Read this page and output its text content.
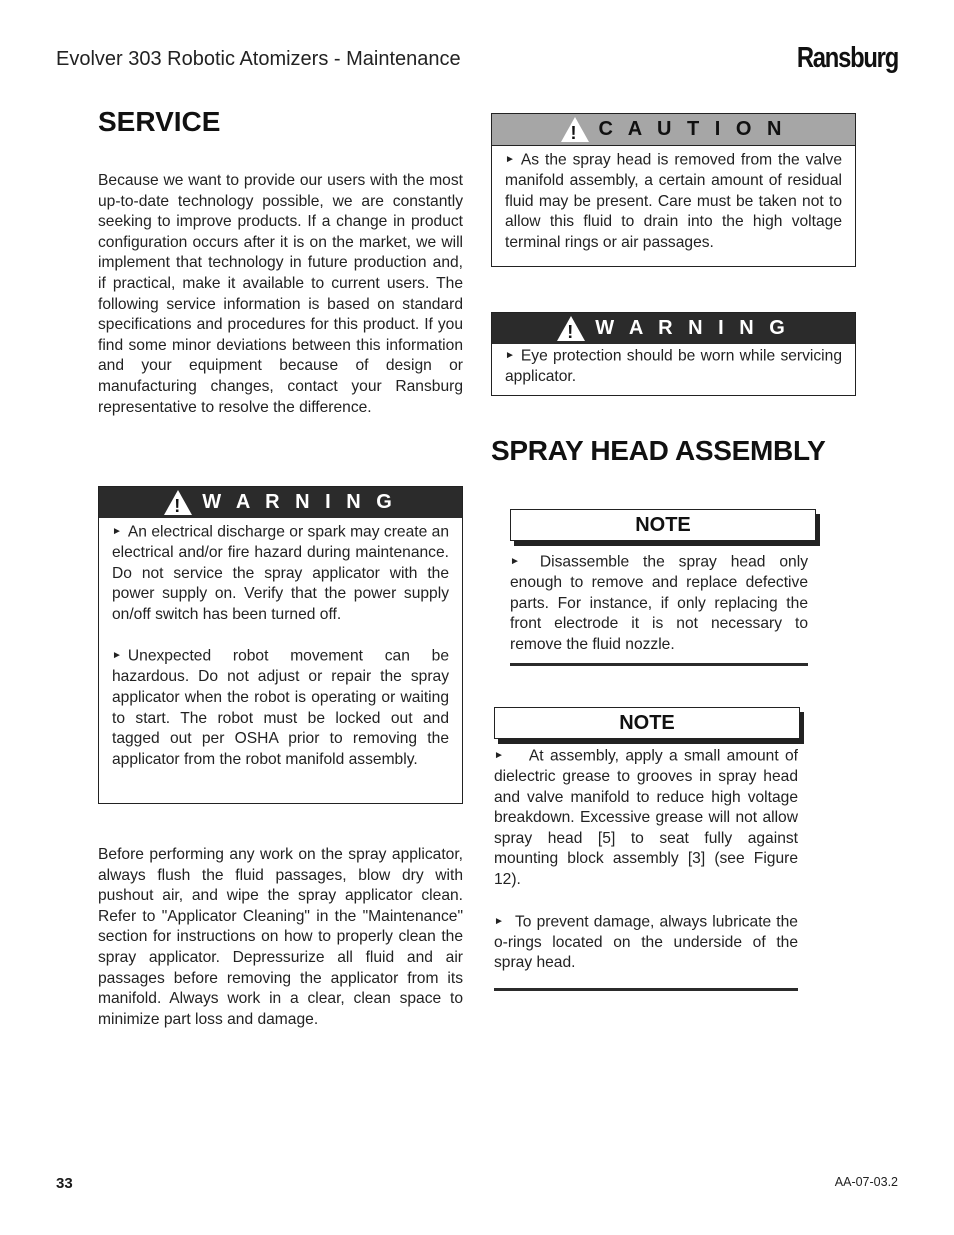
Evolver 303 Robotic Atomizers - Maintenance	Ransburg
SERVICE

Because we want to provide our users with the most up-to-date technology possible, we are constantly seeking to improve products. If a change in product configuration occurs after it is on the market, we will implement that technology in future production and, if practical, make it available to current users. The following service information is based on standard specifications and procedures for this product. If you find some minor deviations between this information and your equipment because of design or manufacturing changes, contact your Ransburg representative to resolve the difference.

! W A R N I N G

► An electrical discharge or spark may create an electrical and/or fire hazard during maintenance. Do not service the spray applicator with the power supply on. Verify that the power supply on/off switch has been turned off.

► Unexpected robot movement can be hazardous. Do not adjust or repair the spray applicator when the robot is operating or waiting to start. The robot must be locked out and tagged out per OSHA prior to removing the applicator from the robot manifold assembly.

Before performing any work on the spray applicator, always flush the fluid passages, blow dry with pushout air, and wipe the spray applicator clean. Refer to "Applicator Cleaning" in the "Maintenance" section for instructions on how to properly clean the spray applicator. Depressurize all fluid and air passages before removing the applicator from its manifold. Always work in a clear, clean space to minimize part loss and damage.

! C A U T I O N

► As the spray head is removed from the valve manifold assembly, a certain amount of residual fluid may be present. Care must be taken not to allow this fluid to drain into the high voltage terminal rings or air passages.

! W A R N I N G

► Eye protection should be worn while servicing applicator.

SPRAY HEAD ASSEMBLY
NOTE

► Disassemble the spray head only enough to remove and replace defective parts. For instance, if only replacing the front electrode it is not necessary to remove the fluid nozzle.

NOTE

► At assembly, apply a small amount of dielectric grease to grooves in spray head and valve manifold to reduce high voltage breakdown. Excessive grease will not allow spray head [5] to seat fully against mounting block assembly [3] (see Figure 12).

► To prevent damage, always lubricate the o-rings located on the underside of the spray head.

33	AA-07-03.2
